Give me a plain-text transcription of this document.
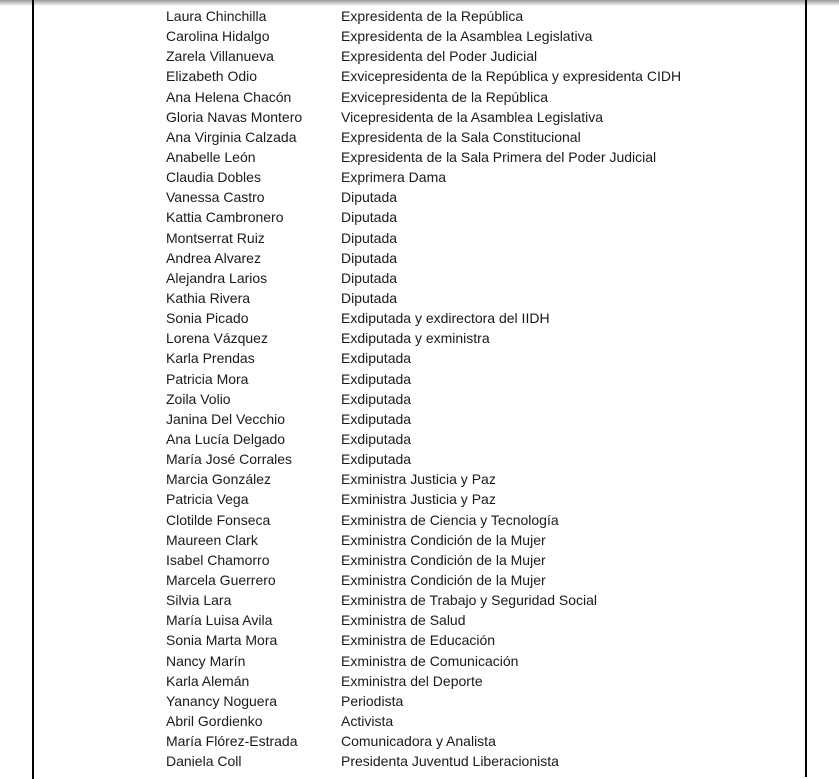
Laura Chinchilla	Expresidenta de la República
Carolina Hidalgo	Expresidenta de la Asamblea Legislativa
Zarela Villanueva	Expresidenta del Poder Judicial
Elizabeth Odio	Exvicepresidenta de la República y expresidenta CIDH
Ana Helena Chacón	Exvicepresidenta de la República
Gloria Navas Montero	Vicepresidenta de la Asamblea Legislativa
Ana Virginia Calzada	Expresidenta de la Sala Constitucional
Anabelle León	Expresidenta de la Sala Primera del Poder Judicial
Claudia Dobles	Exprimera Dama
Vanessa Castro	Diputada
Kattia Cambronero	Diputada
Montserrat Ruiz	Diputada
Andrea Alvarez	Diputada
Alejandra Larios	Diputada
Kathia Rivera	Diputada
Sonia Picado	Exdiputada y exdirectora del IIDH
Lorena Vázquez	Exdiputada y exministra
Karla Prendas	Exdiputada
Patricia Mora	Exdiputada
Zoila Volio	Exdiputada
Janina Del Vecchio	Exdiputada
Ana Lucía Delgado	Exdiputada
María José Corrales	Exdiputada
Marcia González	Exministra Justicia y Paz
Patricia Vega	Exministra Justicia y Paz
Clotilde Fonseca	Exministra de Ciencia y Tecnología
Maureen Clark	Exministra Condición de la Mujer
Isabel Chamorro	Exministra Condición de la Mujer
Marcela Guerrero	Exministra Condición de la Mujer
Silvia Lara	Exministra de Trabajo y Seguridad Social
María Luisa Avila	Exministra de Salud
Sonia Marta Mora	Exministra de Educación
Nancy Marín	Exministra de Comunicación
Karla Alemán	Exministra del Deporte
Yanancy Noguera	Periodista
Abril Gordienko	Activista
María Flórez-Estrada	Comunicadora y Analista
Daniela Coll	Presidenta Juventud Liberacionista
